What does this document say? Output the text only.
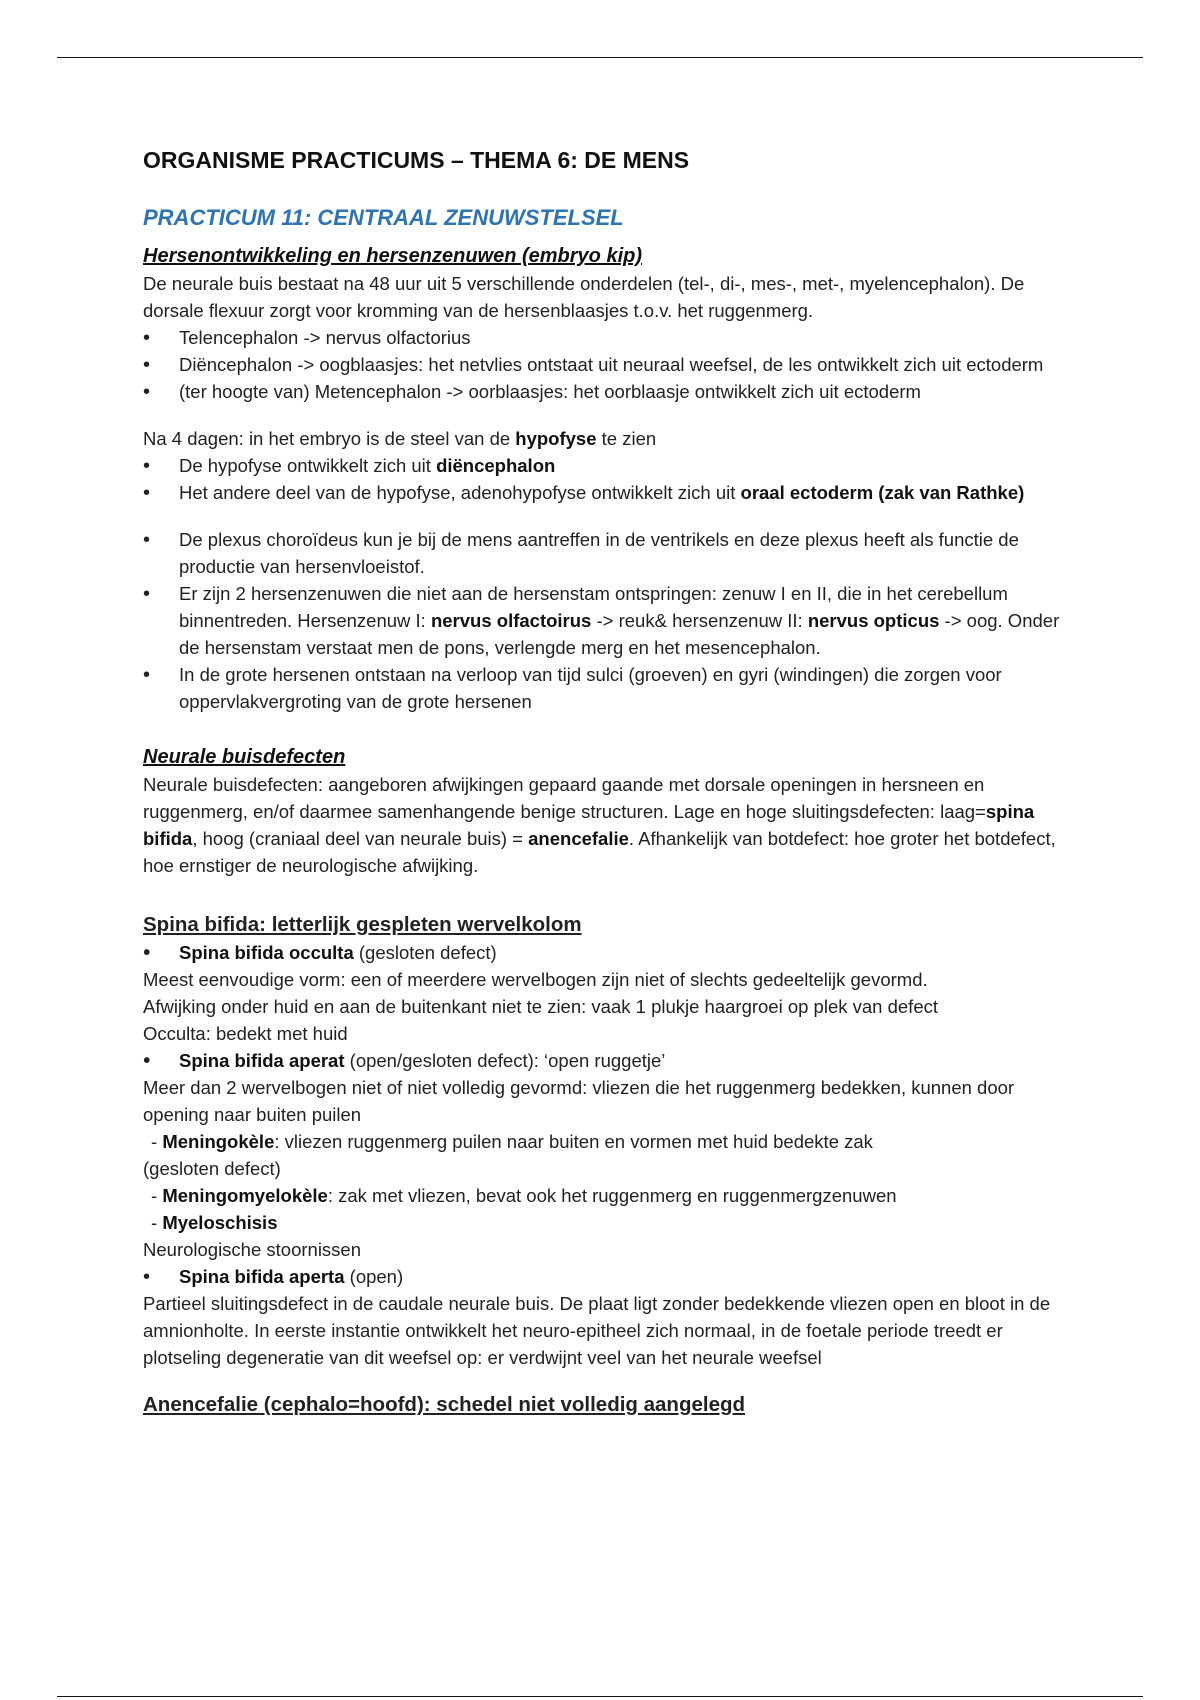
ORGANISME PRACTICUMS – THEMA 6: DE MENS
PRACTICUM 11: CENTRAAL ZENUWSTELSEL
Hersenontwikkeling en hersenzenuwen (embryo kip)

De neurale buis bestaat na 48 uur uit 5 verschillende onderdelen (tel-, di-, mes-, met-, myelencephalon). De dorsale flexuur zorgt voor kromming van de hersenblaasjes t.o.v. het ruggenmerg.

•
Telencephalon -> nervus olfactorius
•
Diëncephalon -> oogblaasjes: het netvlies ontstaat uit neuraal weefsel, de les ontwikkelt zich uit ectoderm
•
(ter hoogte van) Metencephalon -> oorblaasjes: het oorblaasje ontwikkelt zich uit ectoderm

Na 4 dagen: in het embryo is de steel van de hypofyse te zien

•
De hypofyse ontwikkelt zich uit diëncephalon
•
Het andere deel van de hypofyse, adenohypofyse ontwikkelt zich uit oraal ectoderm (zak van Rathke)
•
De plexus choroïdeus kun je bij de mens aantreffen in de ventrikels en deze plexus heeft als functie de productie van hersenvloeistof.
•
Er zijn 2 hersenzenuwen die niet aan de hersenstam ontspringen: zenuw I en II, die in het cerebellum binnentreden. Hersenzenuw I: nervus olfactoirus -> reuk& hersenzenuw II: nervus opticus -> oog. Onder de hersenstam verstaat men de pons, verlengde merg en het mesencephalon.
•
In de grote hersenen ontstaan na verloop van tijd sulci (groeven) en gyri (windingen) die zorgen voor oppervlakvergroting van de grote hersenen
Neurale buisdefecten

Neurale buisdefecten: aangeboren afwijkingen gepaard gaande met dorsale openingen in hersneen en ruggenmerg, en/of daarmee samenhangende benige structuren. Lage en hoge sluitingsdefecten: laag=spina bifida, hoog (craniaal deel van neurale buis) = anencefalie. Afhankelijk van botdefect: hoe groter het botdefect, hoe ernstiger de neurologische afwijking.

Spina bifida: letterlijk gespleten wervelkolom
•
Spina bifida occulta (gesloten defect)

Meest eenvoudige vorm: een of meerdere wervelbogen zijn niet of slechts gedeeltelijk gevormd.

Afwijking onder huid en aan de buitenkant niet te zien: vaak 1 plukje haargroei op plek van defect

Occulta: bedekt met huid

•
Spina bifida aperat (open/gesloten defect): ‘open ruggetje’

Meer dan 2 wervelbogen niet of niet volledig gevormd: vliezen die het ruggenmerg bedekken, kunnen door opening naar buiten puilen

- Meningokèle: vliezen ruggenmerg puilen naar buiten en vormen met huid bedekte zak

(gesloten defect)

- Meningomyelokèle: zak met vliezen, bevat ook het ruggenmerg en ruggenmergzenuwen

- Myeloschisis

Neurologische stoornissen

•
Spina bifida aperta (open)

Partieel sluitingsdefect in de caudale neurale buis. De plaat ligt zonder bedekkende vliezen open en bloot in de amnionholte. In eerste instantie ontwikkelt het neuro-epitheel zich normaal, in de foetale periode treedt er plotseling degeneratie van dit weefsel op: er verdwijnt veel van het neurale weefsel

Anencefalie (cephalo=hoofd): schedel niet volledig aangelegd
